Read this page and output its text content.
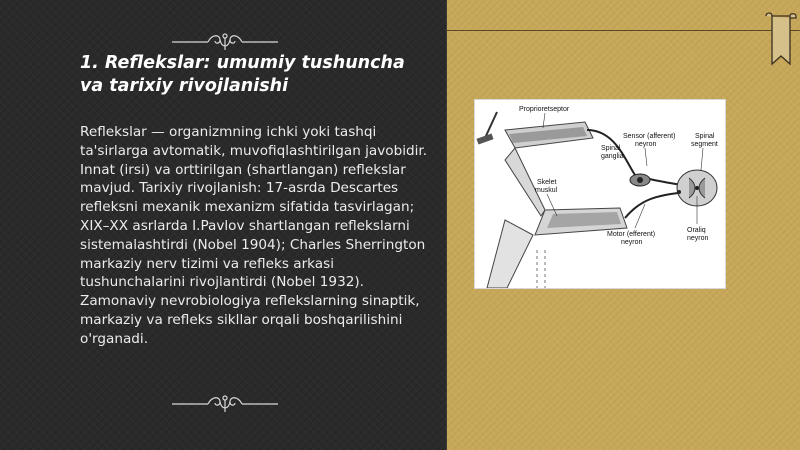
1. Reflekslar: umumiy tushuncha va tarixiy rivojlanishi

Reflekslar — organizmning ichki yoki tashqi ta'sirlarga avtomatik, muvofiqlashtirilgan javobidir. Innat (irsi) va orttirilgan (shartlangan) reflekslar mavjud. Tarixiy rivojlanish: 17-asrda Descartes refleksni mexanik mexanizm sifatida tasvirlagan; XIX–XX asrlarda I.Pavlov shartlangan reflekslarni sistemalashtirdi (Nobel 1904); Charles Sherrington markaziy nerv tizimi va refleks arkasi tushunchalarini rivojlantirdi (Nobel 1932). Zamonaviy nevrobiologiya reflekslarning sinaptik, markaziy va refleks sikllar orqali boshqarilishini o'rganadi.

Proprioretseptor
Spinal
ganglia
Sensor (afferent)
neyron
Spinal
segment
Skelet
muskul
Motor (efferent)
neyron
Oraliq
neyron
